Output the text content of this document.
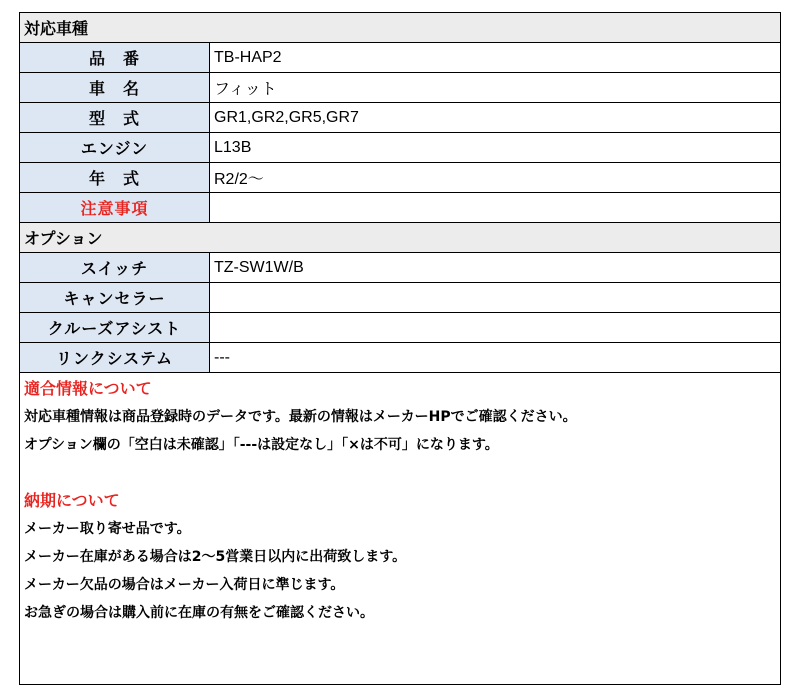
対応車種	
品　番	TB-HAP2
車　名	フィット
型　式	GR1,GR2,GR5,GR7
エンジン	L13B
年　式	R2/2～
注意事項	
オプション	
スイッチ	TZ-SW1W/B
キャンセラー	
クルーズアシスト	
リンクシステム	---
適合情報について
対応車種情報は商品登録時のデータです。最新の情報はメーカーHPでご確認ください。
オプション欄の「空白は未確認」「---は設定なし」「×は不可」になります。
納期について
メーカー取り寄せ品です。
メーカー在庫がある場合は2～5営業日以内に出荷致します。
メーカー欠品の場合はメーカー入荷日に準じます。
お急ぎの場合は購入前に在庫の有無をご確認ください。
